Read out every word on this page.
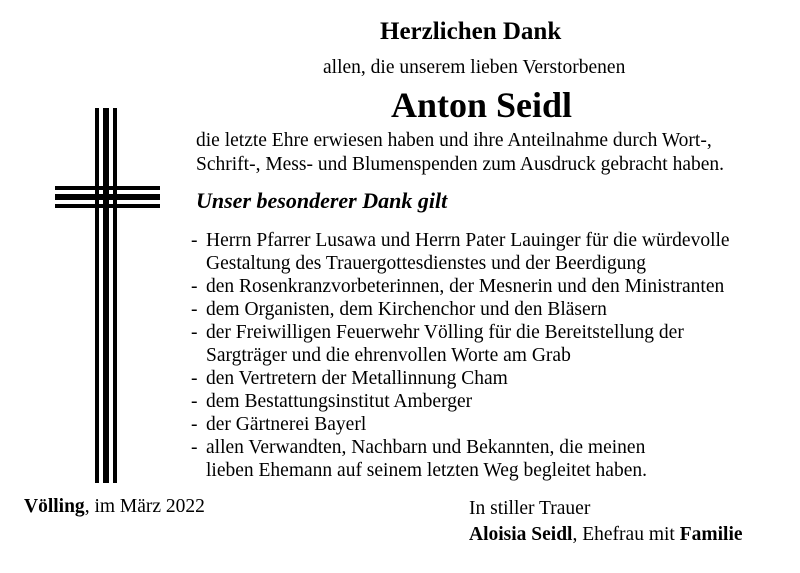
Herzlichen Dank
allen, die unserem lieben Verstorbenen
Anton Seidl
die letzte Ehre erwiesen haben und ihre Anteilnahme durch Wort-,
Schrift-, Mess- und Blumenspenden zum Ausdruck gebracht haben.
Unser besonderer Dank gilt
- Herrn Pfarrer Lusawa und Herrn Pater Lauinger für die würdevolle
Gestaltung des Trauergottesdienstes und der Beerdigung
- den Rosenkranzvorbeterinnen, der Mesnerin und den Ministranten
- dem Organisten, dem Kirchenchor und den Bläsern
- der Freiwilligen Feuerwehr Völling für die Bereitstellung der
Sargträger und die ehrenvollen Worte am Grab
- den Vertretern der Metallinnung Cham
- dem Bestattungsinstitut Amberger
- der Gärtnerei Bayerl
- allen Verwandten, Nachbarn und Bekannten, die meinen
lieben Ehemann auf seinem letzten Weg begleitet haben.
Völling, im März 2022	In stiller Trauer
Aloisia Seidl, Ehefrau mit Familie
